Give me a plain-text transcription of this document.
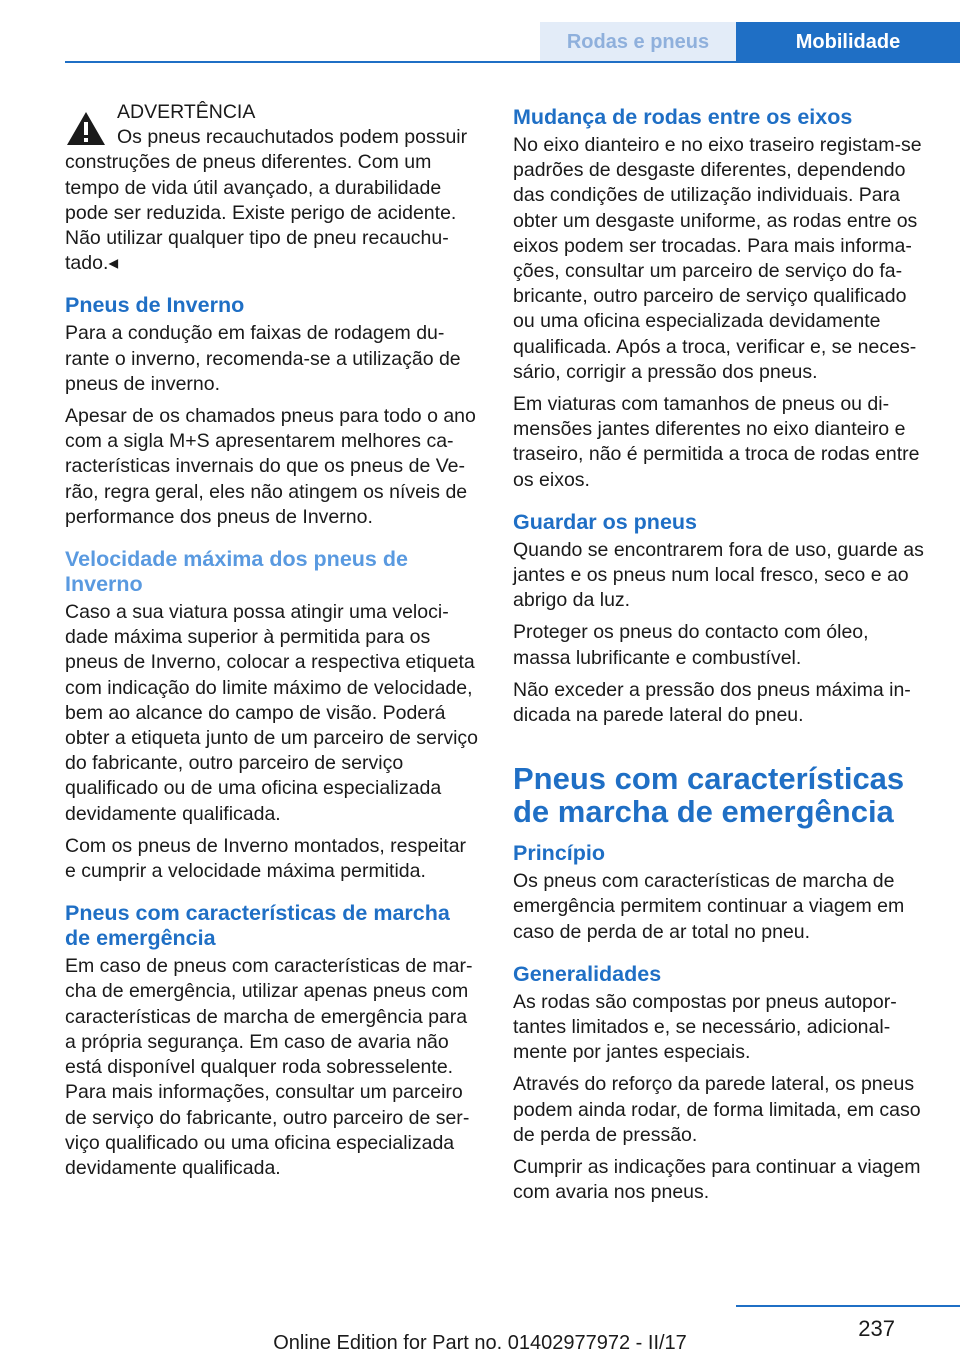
Rodas e pneus	Mobilidade
ADVERTÊNCIA

Os pneus recauchutados podem possuir construções de pneus diferentes. Com um tempo de vida útil avançado, a durabilidade pode ser reduzida. Existe perigo de acidente. Não utilizar qualquer tipo de pneu recauchutado.◂

Pneus de Inverno

Para a condução em faixas de rodagem durante o inverno, recomenda-se a utilização de pneus de inverno.

Apesar de os chamados pneus para todo o ano com a sigla M+S apresentarem melhores características invernais do que os pneus de Verão, regra geral, eles não atingem os níveis de performance dos pneus de Inverno.

Velocidade máxima dos pneus de Inverno

Caso a sua viatura possa atingir uma velocidade máxima superior à permitida para os pneus de Inverno, colocar a respectiva etiqueta com indicação do limite máximo de velocidade, bem ao alcance do campo de visão. Poderá obter a etiqueta junto de um parceiro de serviço do fabricante, outro parceiro de serviço qualificado ou de uma oficina especializada devidamente qualificada.

Com os pneus de Inverno montados, respeitar e cumprir a velocidade máxima permitida.

Pneus com características de marcha de emergência

Em caso de pneus com características de marcha de emergência, utilizar apenas pneus com características de marcha de emergência para a própria segurança. Em caso de avaria não está disponível qualquer roda sobresselente. Para mais informações, consultar um parceiro de serviço do fabricante, outro parceiro de serviço qualificado ou uma oficina especializada devidamente qualificada.

Mudança de rodas entre os eixos

No eixo dianteiro e no eixo traseiro registam-se padrões de desgaste diferentes, dependendo das condições de utilização individuais. Para obter um desgaste uniforme, as rodas entre os eixos podem ser trocadas. Para mais informações, consultar um parceiro de serviço do fabricante, outro parceiro de serviço qualificado ou uma oficina especializada devidamente qualificada. Após a troca, verificar e, se necessário, corrigir a pressão dos pneus.

Em viaturas com tamanhos de pneus ou dimensões jantes diferentes no eixo dianteiro e traseiro, não é permitida a troca de rodas entre os eixos.

Guardar os pneus

Quando se encontrarem fora de uso, guarde as jantes e os pneus num local fresco, seco e ao abrigo da luz.

Proteger os pneus do contacto com óleo, massa lubrificante e combustível.

Não exceder a pressão dos pneus máxima indicada na parede lateral do pneu.

Pneus com características de marcha de emergência
Princípio

Os pneus com características de marcha de emergência permitem continuar a viagem em caso de perda de ar total no pneu.

Generalidades

As rodas são compostas por pneus autoportantes limitados e, se necessário, adicionalmente por jantes especiais.

Através do reforço da parede lateral, os pneus podem ainda rodar, de forma limitada, em caso de perda de pressão.

Cumprir as indicações para continuar a viagem com avaria nos pneus.

237
Online Edition for Part no. 01402977972 - II/17
